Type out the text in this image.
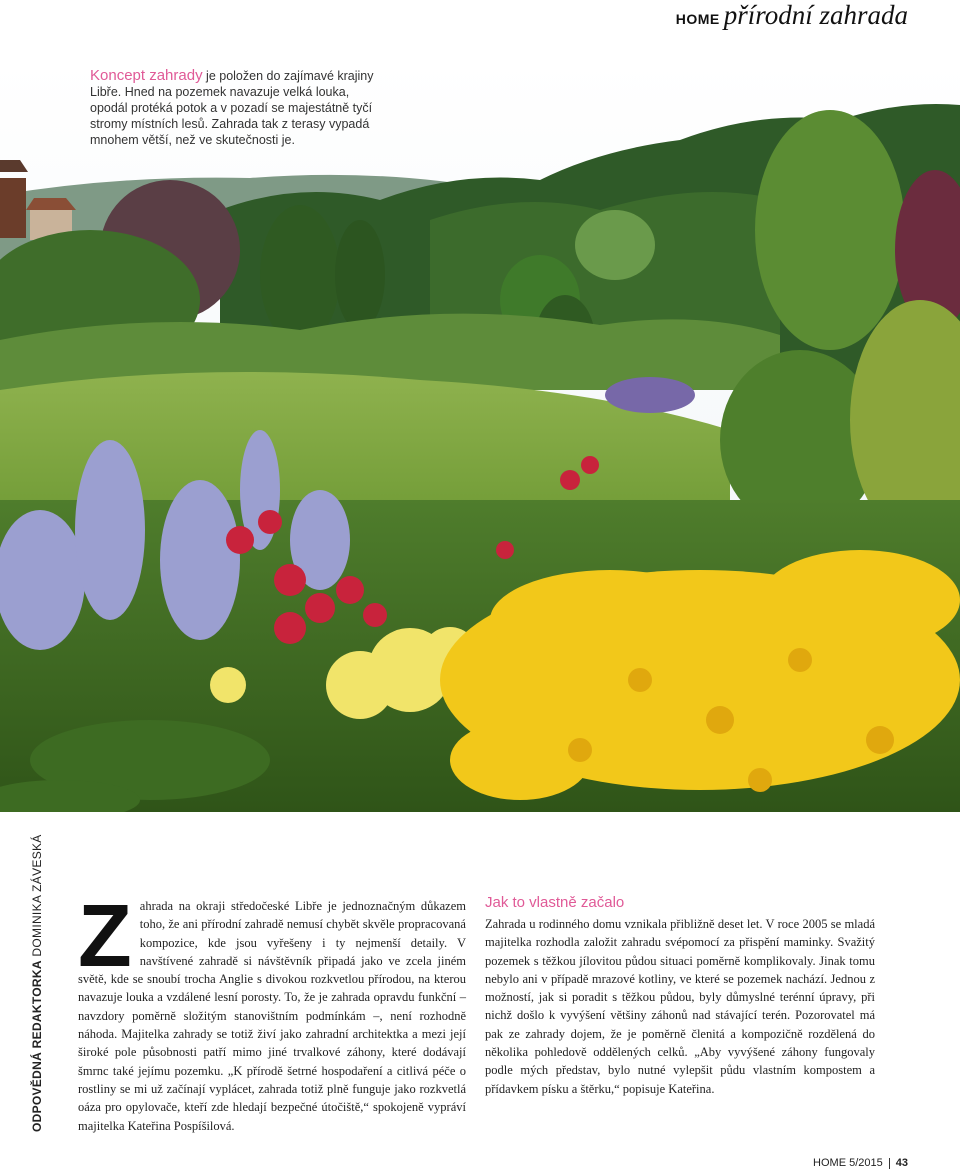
HOME přírodní zahrada
Koncept zahrady je položen do zajímavé krajiny Libře. Hned na pozemek navazuje velká louka, opodál protéká potok a v pozadí se majestátně tyčí stromy místních lesů. Zahrada tak z terasy vypadá mnohem větší, než ve skutečnosti je.
ODPOVĚDNÁ REDAKTORKA DOMINIKA ZÁVESKÁ Z ahrada na okraji středočeské Libře je jednoznačným důkazem toho, že ani přírodní zahradě nemusí chybět skvěle propracovaná kompozice, kde jsou vyřešeny i ty nejmenší detaily. V navštívené zahradě si návštěvník připadá jako ve zcela jiném světě, kde se snoubí trocha Anglie s divokou rozkvetlou přírodou, na kterou navazuje louka a vzdálené lesní porosty. To, že je zahrada opravdu funkční – navzdory poměrně složitým stanovištním podmínkám –, není rozhodně náhoda. Majitelka zahrady se totiž živí jako zahradní architektka a mezi její široké pole působnosti patří mimo jiné trvalkové záhony, které dodávají šmrnc také jejímu pozemku. „K přírodě šetrné hospodaření a citlivá péče o rostliny se mi už začínají vyplácet, zahrada totiž plně funguje jako rozkvetlá oáza pro opylovače, kteří zde hledají bezpečné útočiště,“ spokojeně vypráví majitelka Kateřina Pospíšilová.

Jak to vlastně začalo

Zahrada u rodinného domu vznikala přibližně deset let. V roce 2005 se mladá majitelka rozhodla založit zahradu svépomocí za přispění maminky. Svažitý pozemek s těžkou jílovitou půdou situaci poměrně komplikovaly. Jinak tomu nebylo ani v případě mrazové kotliny, ve které se pozemek nachází. Jednou z možností, jak si poradit s těžkou půdou, byly důmyslné terénní úpravy, při nichž došlo k vyvýšení většiny záhonů nad stávající terén. Pozorovatel má pak ze zahrady dojem, že je poměrně členitá a kompozičně rozdělená do několika pohledově oddělených celků. „Aby vyvýšené záhony fungovaly podle mých představ, bylo nutné vylepšit půdu vlastním kompostem a přídavkem písku a štěrku,“ popisuje Kateřina.

HOME 5/2015 43
